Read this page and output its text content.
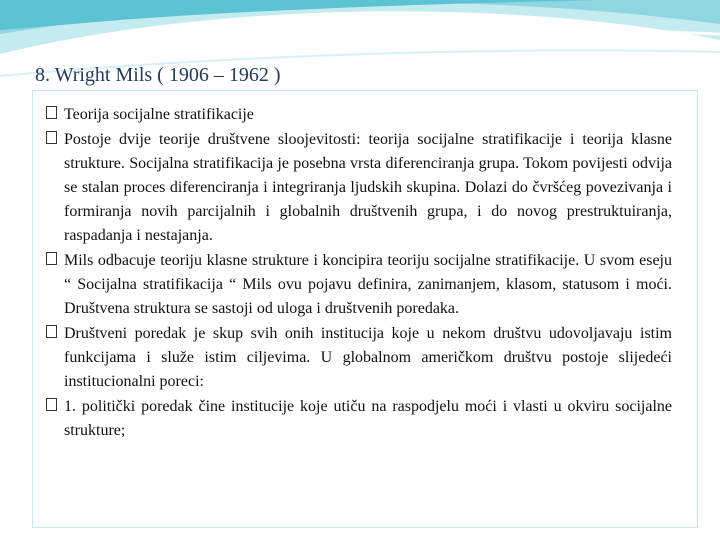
8. Wright Mils ( 1906 – 1962 )
Teorija socijalne stratifikacije
Postoje dvije teorije društvene sloojevitosti: teorija socijalne stratifikacije i teorija klasne strukture. Socijalna stratifikacija je posebna vrsta diferenciranja grupa. Tokom povijesti odvija se stalan proces diferenciranja i integriranja ljudskih skupina. Dolazi do čvršćeg povezivanja i formiranja novih parcijalnih i globalnih društvenih grupa, i do novog prestruktuiranja, raspadanja i nestajanja.
Mils odbacuje teoriju klasne strukture i koncipira teoriju socijalne stratifikacije. U svom eseju “ Socijalna stratifikacija “ Mils ovu pojavu definira, zanimanjem, klasom, statusom i moći. Društvena struktura se sastoji od uloga i društvenih poredaka.
Društveni poredak je skup svih onih institucija koje u nekom društvu udovoljavaju istim funkcijama i služe istim ciljevima. U globalnom američkom društvu postoje slijedeći institucionalni poreci:
1. politički poredak čine institucije koje utiču na raspodjelu moći i vlasti u okviru socijalne strukture;
